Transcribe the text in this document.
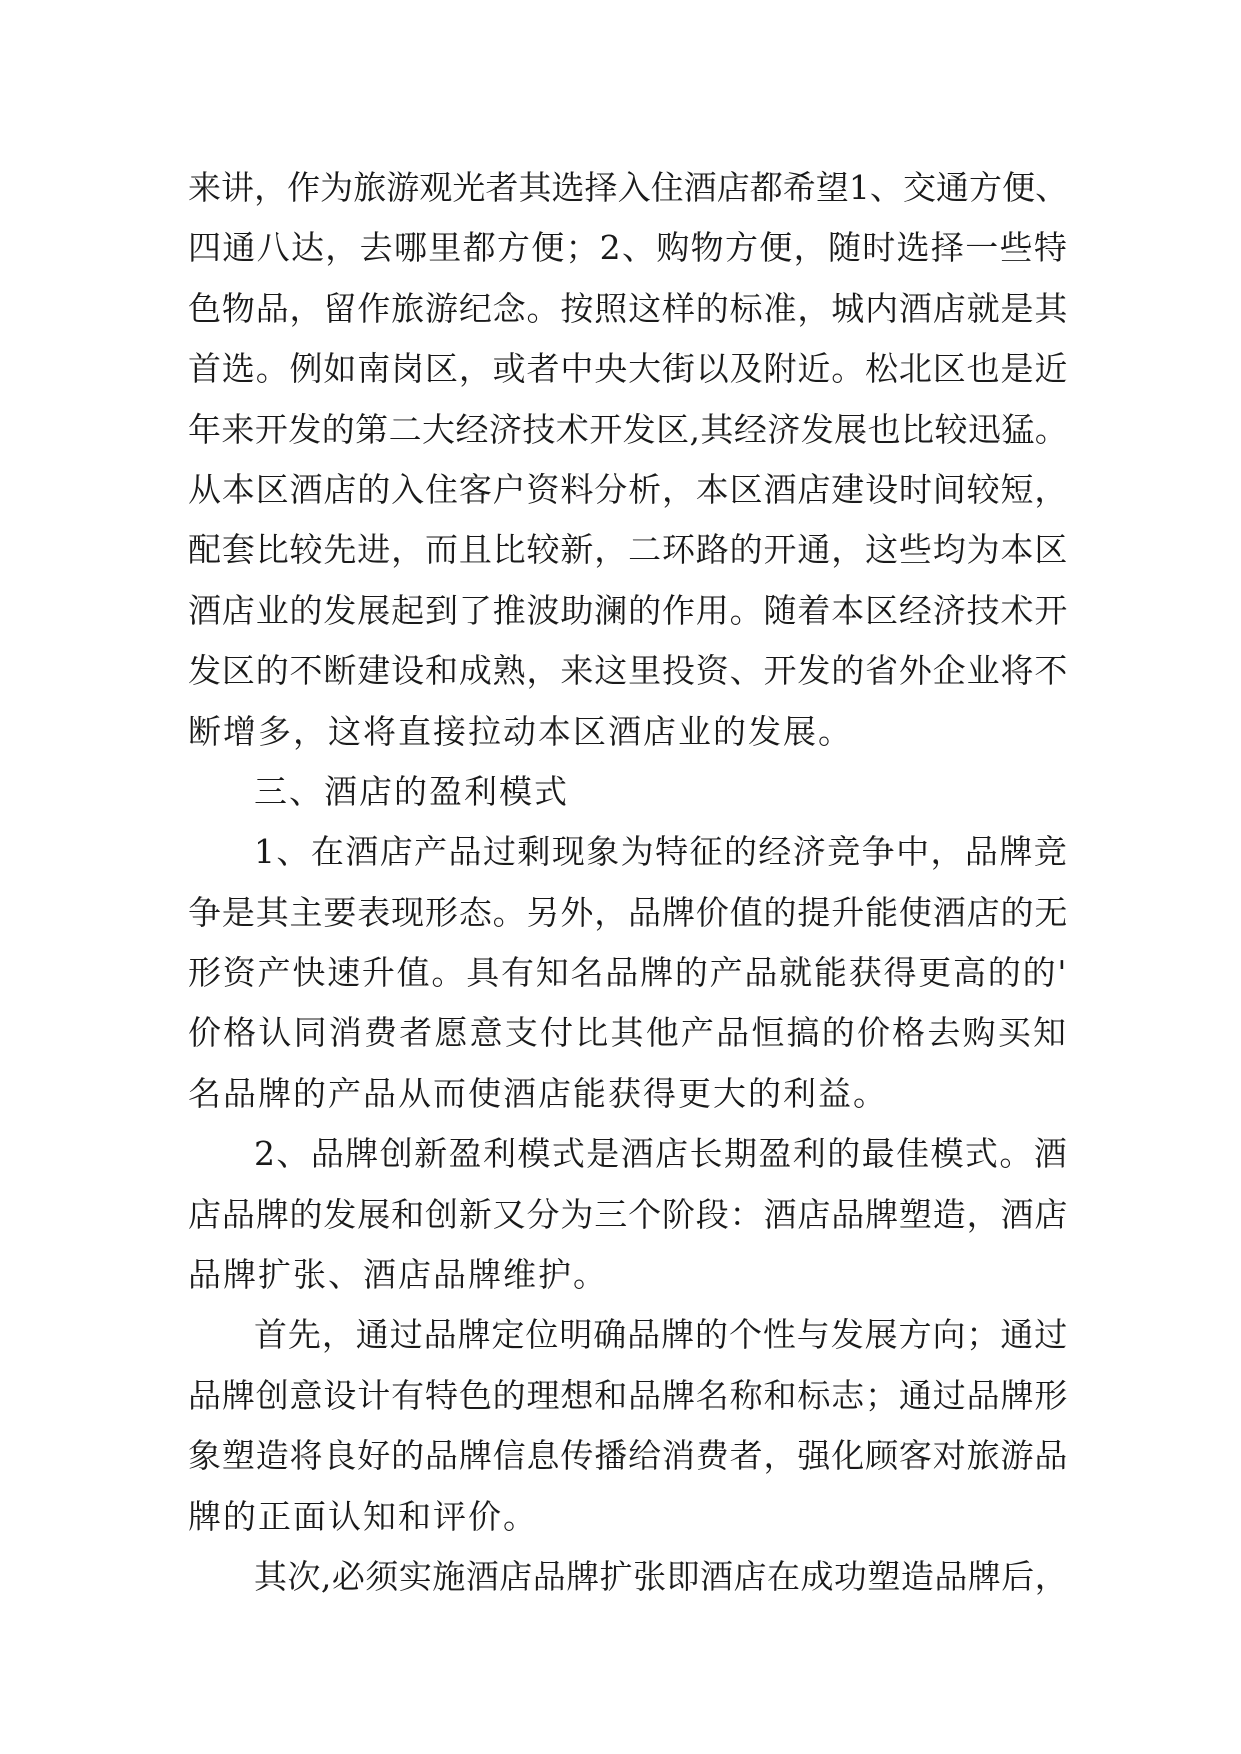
来讲，作为旅游观光者其选择入住酒店都希望1、交通方便、
四通八达，去哪里都方便；2、购物方便，随时选择一些特
色物品，留作旅游纪念。按照这样的标准，城内酒店就是其
首选。例如南岗区，或者中央大街以及附近。松北区也是近
年来开发的第二大经济技术开发区,其经济发展也比较迅猛。
从本区酒店的入住客户资料分析，本区酒店建设时间较短，
配套比较先进，而且比较新，二环路的开通，这些均为本区
酒店业的发展起到了推波助澜的作用。随着本区经济技术开
发区的不断建设和成熟，来这里投资、开发的省外企业将不
断增多，这将直接拉动本区酒店业的发展。
三、酒店的盈利模式
1、在酒店产品过剩现象为特征的经济竞争中，品牌竞
争是其主要表现形态。另外，品牌价值的提升能使酒店的无
形资产快速升值。具有知名品牌的产品就能获得更高的的'
价格认同消费者愿意支付比其他产品恒搞的价格去购买知
名品牌的产品从而使酒店能获得更大的利益。
2、品牌创新盈利模式是酒店长期盈利的最佳模式。酒
店品牌的发展和创新又分为三个阶段：酒店品牌塑造，酒店
品牌扩张、酒店品牌维护。
首先，通过品牌定位明确品牌的个性与发展方向；通过
品牌创意设计有特色的理想和品牌名称和标志；通过品牌形
象塑造将良好的品牌信息传播给消费者，强化顾客对旅游品
牌的正面认知和评价。
其次,必须实施酒店品牌扩张即酒店在成功塑造品牌后，
